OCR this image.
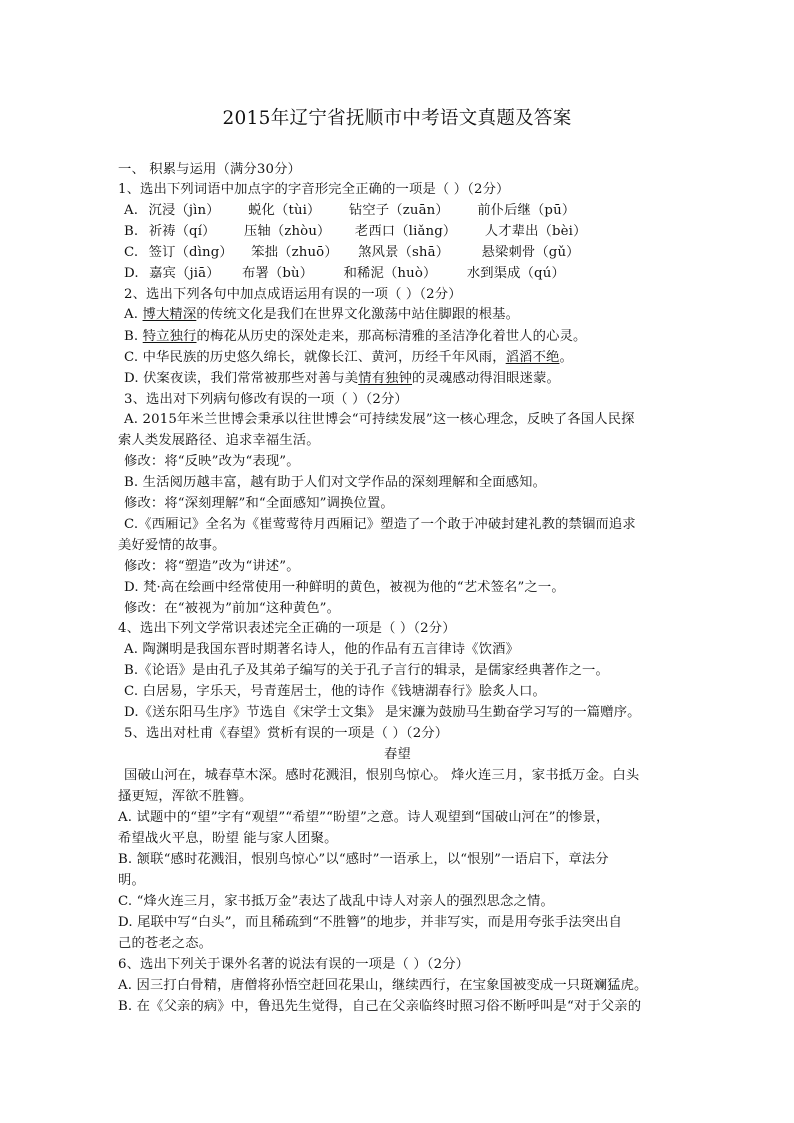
2015年辽宁省抚顺市中考语文真题及答案
一、 积累与运用（满分30分）
1、选出下列词语中加点字的字音形完全正确的一项是（ ）（2分）
A. 沉浸（jìn） 蜕化（tùi） 钻空子（zuān） 前仆后继（pū）
B. 祈祷（qí） 压轴（zhòu） 老西口（liǎng） 人才辈出（bèi）
C. 签订（dìng） 笨拙（zhuō） 煞风景（shā） 悬梁刺骨（gǔ）
D. 嘉宾（jiā） 布署（bù） 和稀泥（huò） 水到渠成（qú）
2、选出下列各句中加点成语运用有误的一项（ ）（2分）
A. 博大精深的传统文化是我们在世界文化激荡中站住脚跟的根基。
B. 特立独行的梅花从历史的深处走来，那高标清雅的圣洁净化着世人的心灵。
C. 中华民族的历史悠久绵长，就像长江、黄河，历经千年风雨，滔滔不绝。
D. 伏案夜读，我们常常被那些对善与美情有独钟的灵魂感动得泪眼迷蒙。
3、选出对下列病句修改有误的一项（ ）（2分）
A. 2015年米兰世博会秉承以往世博会“可持续发展”这一核心理念，反映了各国人民探
索人类发展路径、追求幸福生活。
修改：将“反映”改为“表现”。
B. 生活阅历越丰富，越有助于人们对文学作品的深刻理解和全面感知。
修改：将“深刻理解”和“全面感知”调换位置。
C.《西厢记》全名为《崔莺莺待月西厢记》塑造了一个敢于冲破封建礼教的禁锢而追求
美好爱情的故事。
修改：将“塑造”改为“讲述”。
D. 梵·高在绘画中经常使用一种鲜明的黄色，被视为他的“艺术签名”之一。
修改：在“被视为”前加“这种黄色”。
4、选出下列文学常识表述完全正确的一项是（ ）（2分）
A. 陶渊明是我国东晋时期著名诗人，他的作品有五言律诗《饮酒》
B.《论语》是由孔子及其弟子编写的关于孔子言行的辑录，是儒家经典著作之一。
C. 白居易，字乐天，号青莲居士，他的诗作《钱塘湖春行》脍炙人口。
D.《送东阳马生序》节选自《宋学士文集》 是宋濂为鼓励马生勤奋学习写的一篇赠序。
5、选出对杜甫《春望》赏析有误的一项是（ ）（2分）
春望
国破山河在，城春草木深。感时花溅泪，恨别鸟惊心。 烽火连三月，家书抵万金。白头
搔更短，浑欲不胜簪。
A. 试题中的“望”字有“观望”“希望”“盼望”之意。诗人观望到“国破山河在”的惨景，
希望战火平息，盼望 能与家人团聚。
B. 颔联“感时花溅泪，恨别鸟惊心”以“感时”一语承上，以“恨别”一语启下，章法分
明。
C. “烽火连三月，家书抵万金”表达了战乱中诗人对亲人的强烈思念之情。
D. 尾联中写“白头”，而且稀疏到“不胜簪”的地步，并非写实，而是用夸张手法突出自
己的苍老之态。
6、选出下列关于课外名著的说法有误的一项是（ ）（2分）
A. 因三打白骨精，唐僧将孙悟空赶回花果山，继续西行，在宝象国被变成一只斑斓猛虎。
B. 在《父亲的病》中，鲁迅先生觉得，自己在父亲临终时照习俗不断呼叫是“对于父亲的
